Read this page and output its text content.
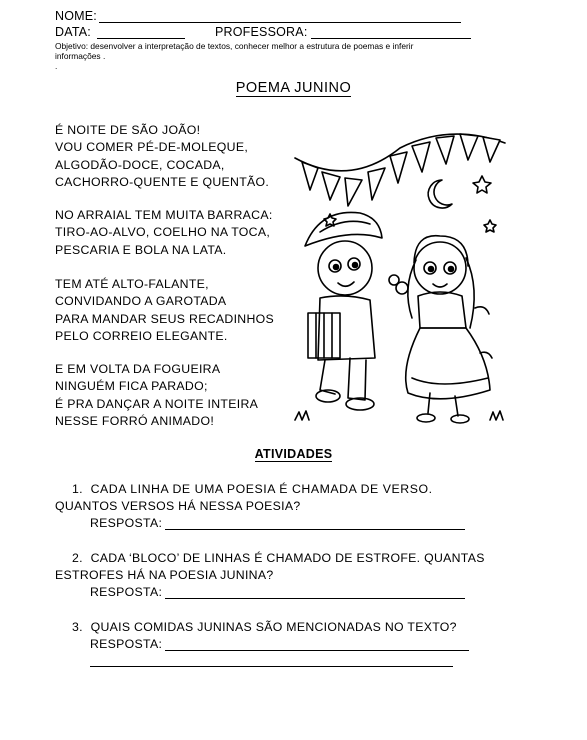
NOME:
DATA:	PROFESSORA:
Objetivo: desenvolver a interpretação de textos, conhecer melhor a estrutura de poemas e inferir
informações .
.
POEMA JUNINO
É NOITE DE SÃO JOÃO!
VOU COMER PÉ-DE-MOLEQUE,
ALGODÃO-DOCE, COCADA,
CACHORRO-QUENTE E QUENTÃO.
NO ARRAIAL TEM MUITA BARRACA:
TIRO-AO-ALVO, COELHO NA TOCA,
PESCARIA E BOLA NA LATA.
TEM ATÉ ALTO-FALANTE,
CONVIDANDO A GAROTADA
PARA MANDAR SEUS RECADINHOS
PELO CORREIO ELEGANTE.
E EM VOLTA DA FOGUEIRA
NINGUÉM FICA PARADO;
É PRA DANÇAR A NOITE INTEIRA
NESSE FORRÓ ANIMADO!
ATIVIDADES
1. CADA LINHA DE UMA POESIA É CHAMADA DE VERSO.
QUANTOS VERSOS HÁ NESSA POESIA?
RESPOSTA:
2. CADA ‘BLOCO’ DE LINHAS É CHAMADO DE ESTROFE. QUANTAS
ESTROFES HÁ NA POESIA JUNINA?
RESPOSTA:
3. QUAIS COMIDAS JUNINAS SÃO MENCIONADAS NO TEXTO?
RESPOSTA:
